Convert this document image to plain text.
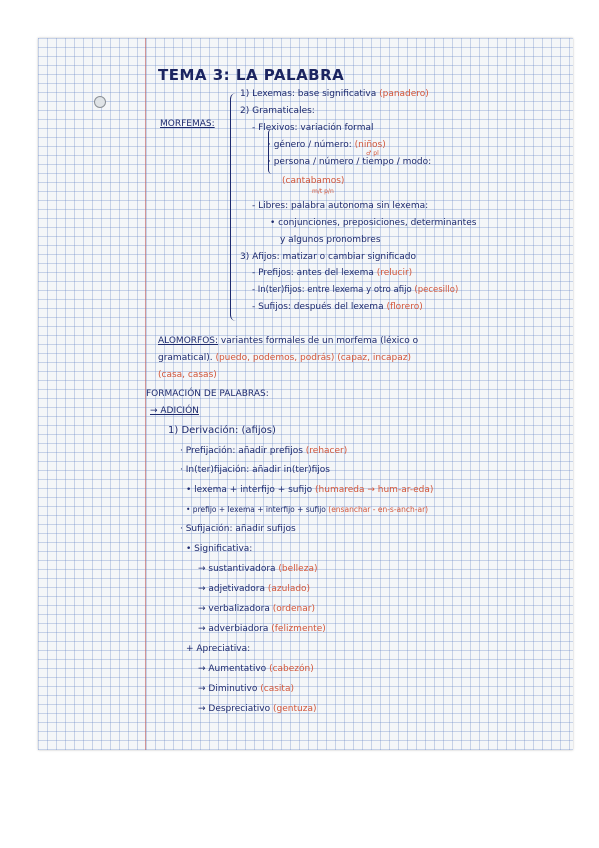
TEMA 3: LA PALABRA
MORFEMAS:
1) Lexemas: base significativa (panadero)
2) Gramaticales:
- Flexivos: variación formal
· género / número: (niños)
♂ pl
· persona / número / tiempo / modo:
(cantabamos)
m/t p/n
- Libres: palabra autonoma sin lexema:
• conjunciones, preposiciones, determinantes
y algunos pronombres
3) Afijos: matizar o cambiar significado
- Prefijos: antes del lexema (relucir)
- In(ter)fijos: entre lexema y otro afijo (pecesillo)
- Sufijos: después del lexema (florero)
ALOMORFOS: variantes formales de un morfema (léxico o
gramatical). (puedo, podemos, podrás) (capaz, incapaz)
(casa, casas)
FORMACIÓN DE PALABRAS:
→ ADICIÓN
1) Derivación: (afijos)
· Prefijación: añadir prefijos (rehacer)
· In(ter)fijación: añadir in(ter)fijos
• lexema + interfijo + sufijo (humareda → hum-ar-eda)
• prefijo + lexema + interfijo + sufijo (ensanchar - en-s-anch-ar)
· Sufijación: añadir sufijos
• Significativa:
→ sustantivadora (belleza)
→ adjetivadora (azulado)
→ verbalizadora (ordenar)
→ adverbiadora (felizmente)
+ Apreciativa:
→ Aumentativo (cabezón)
→ Diminutivo (casita)
→ Despreciativo (gentuza)
